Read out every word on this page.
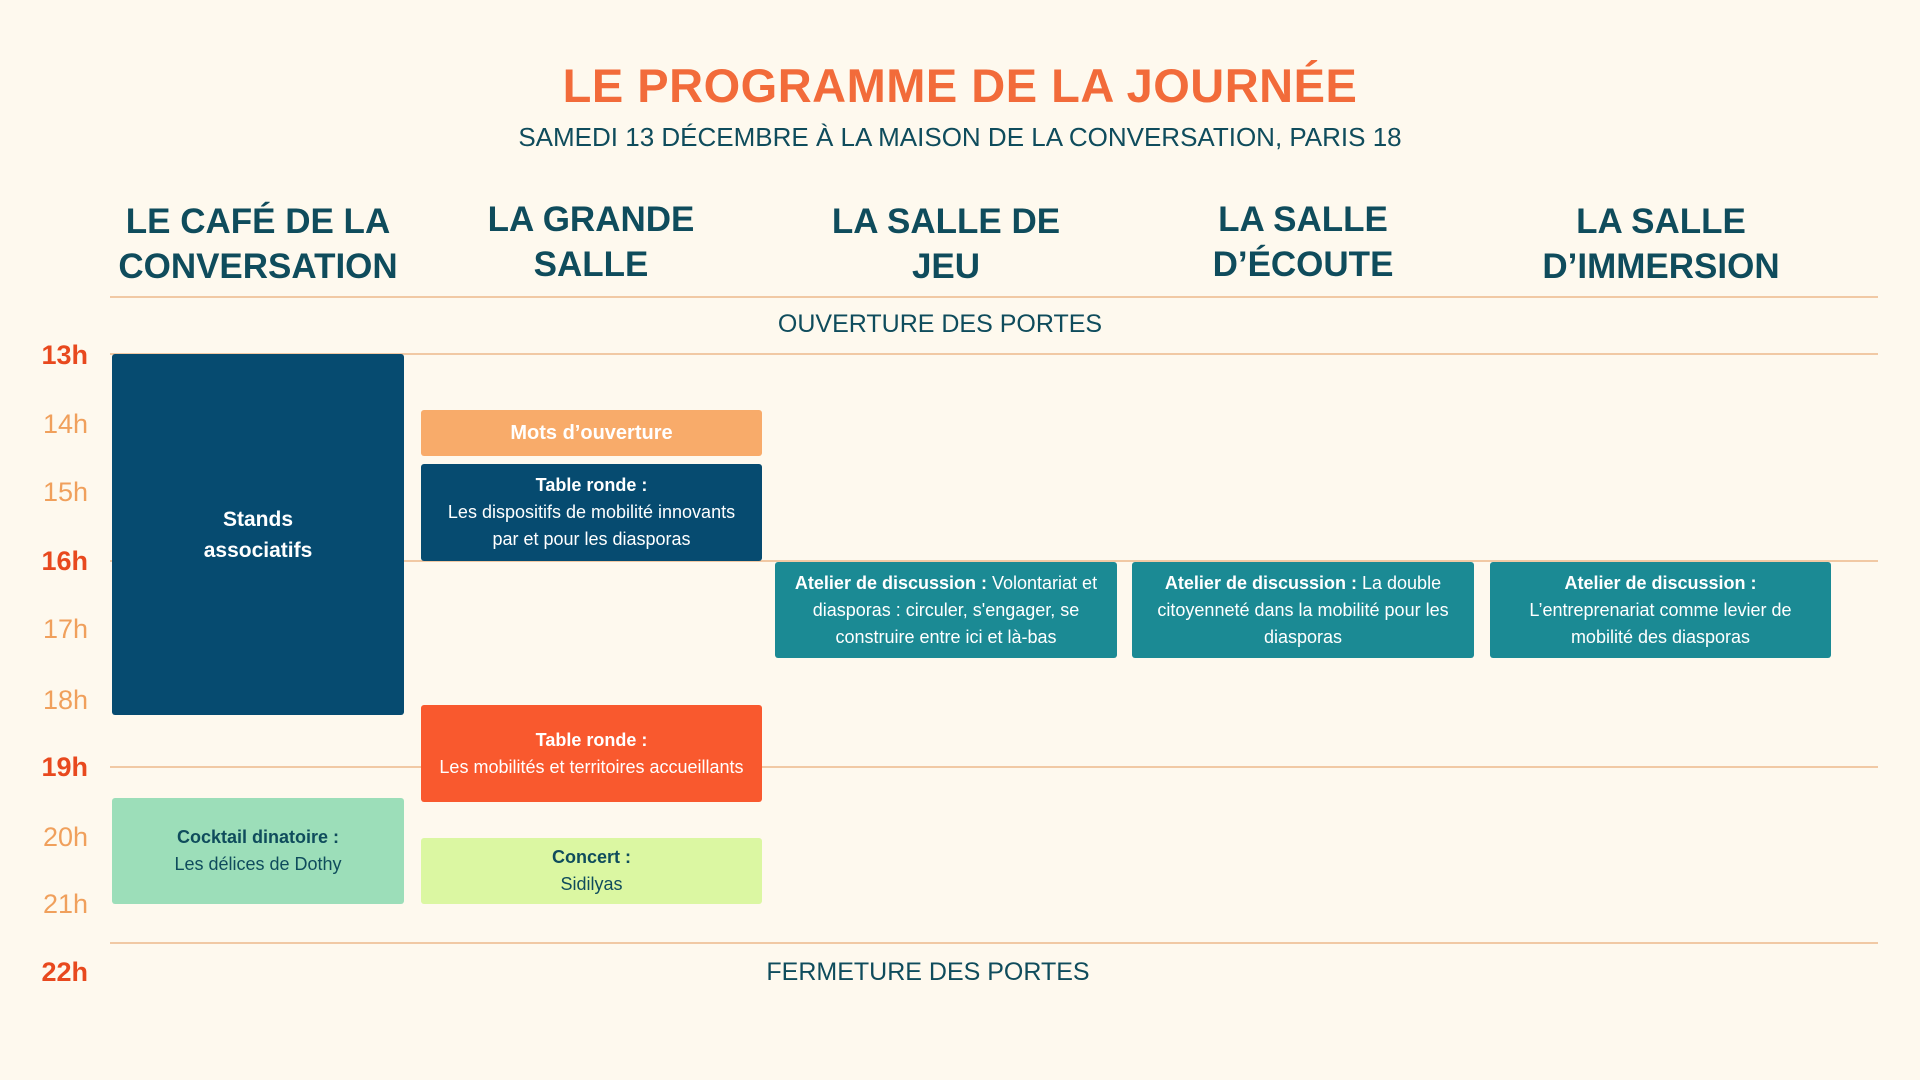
LE PROGRAMME DE LA JOURNÉE
SAMEDI 13 DÉCEMBRE À LA MAISON DE LA CONVERSATION, PARIS 18
LE CAFÉ DE LA
CONVERSATION
LA GRANDE
SALLE
LA SALLE DE
JEU
LA SALLE
D’ÉCOUTE
LA SALLE
D’IMMERSION
OUVERTURE DES PORTES
FERMETURE DES PORTES
13h
14h
15h
16h
17h
18h
19h
20h
21h
22h
Stands associatifs
Cocktail dinatoire :
Les délices de Dothy
Mots d’ouverture
Table ronde :
Les dispositifs de mobilité innovants par et pour les diasporas
Table ronde :
Les mobilités et territoires accueillants
Concert :
Sidilyas
Atelier de discussion : Volontariat et diasporas : circuler, s'engager, se construire entre ici et là-bas
Atelier de discussion : La double citoyenneté dans la mobilité pour les diasporas
Atelier de discussion :
L’entreprenariat comme levier de mobilité des diasporas
